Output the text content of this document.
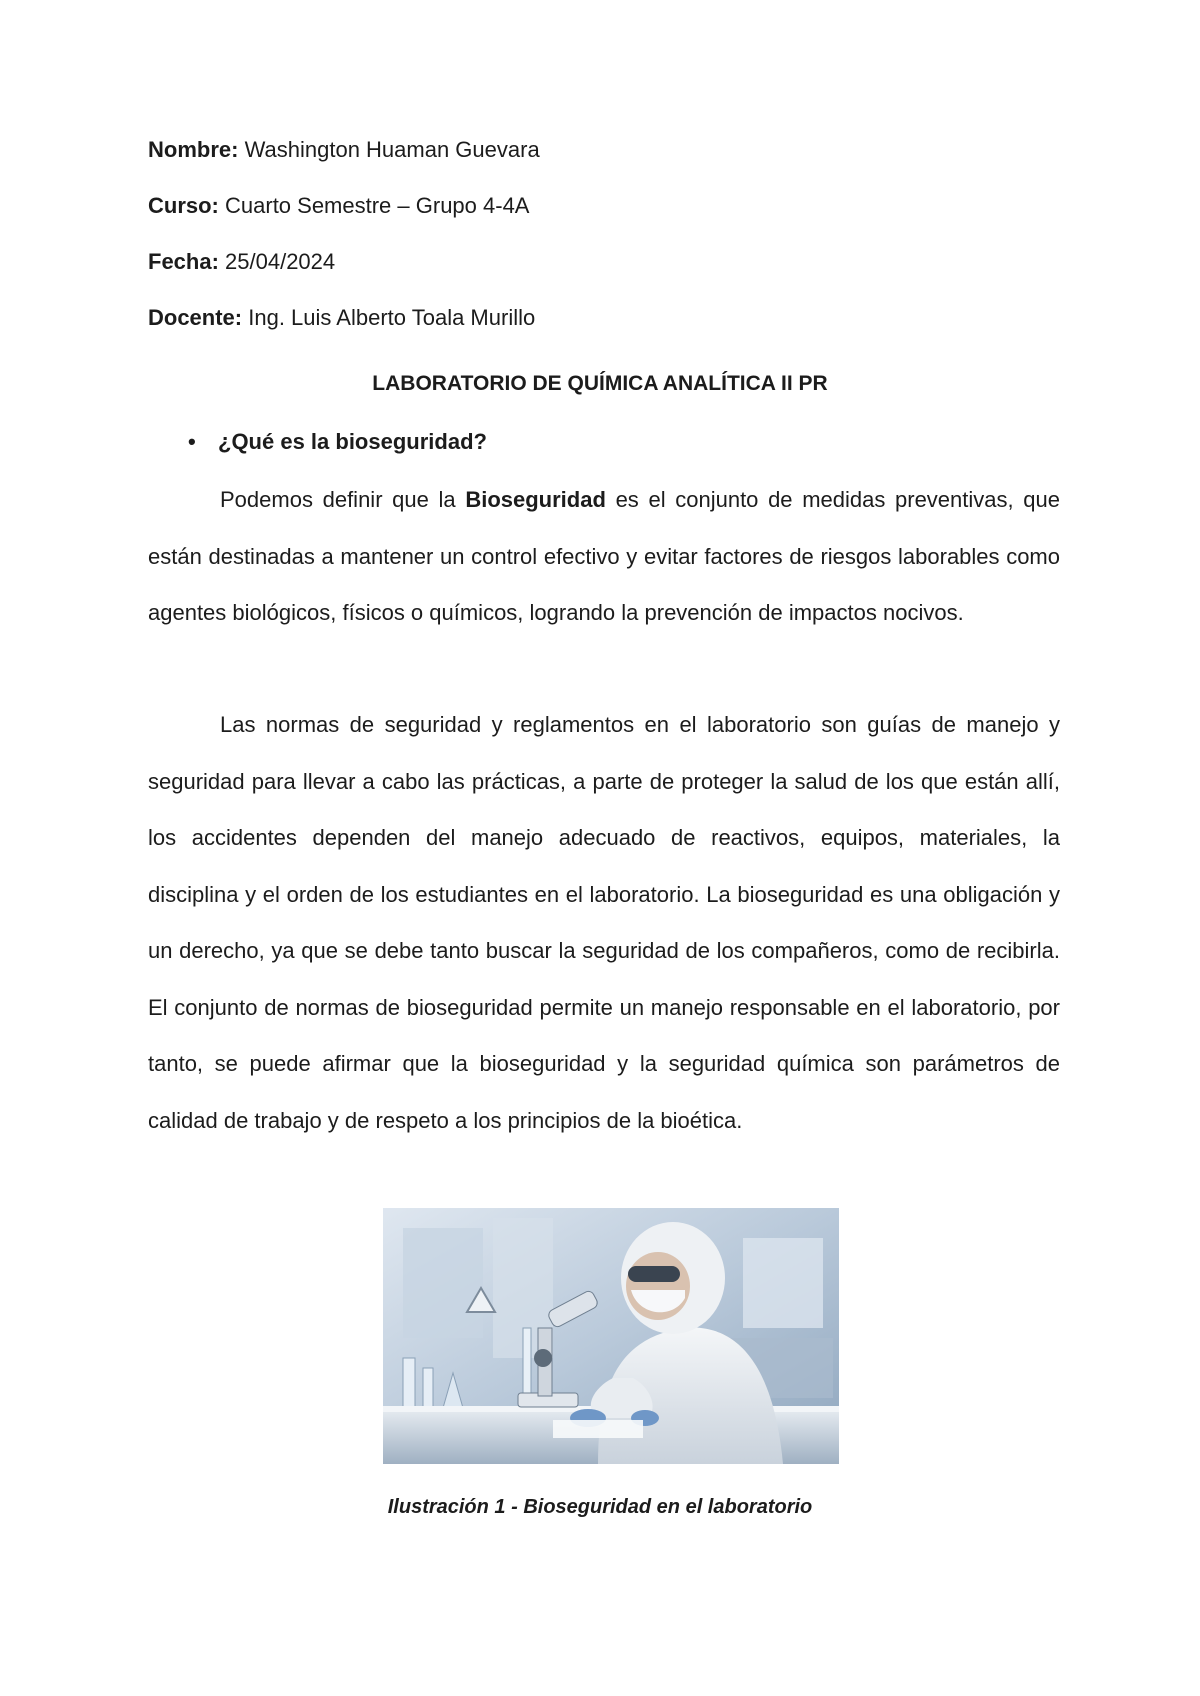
Nombre: Washington Huaman Guevara
Curso: Cuarto Semestre – Grupo 4-4A
Fecha: 25/04/2024
Docente: Ing. Luis Alberto Toala Murillo
LABORATORIO DE QUÍMICA ANALÍTICA II PR
• ¿Qué es la bioseguridad?

Podemos definir que la Bioseguridad es el conjunto de medidas preventivas, que están destinadas a mantener un control efectivo y evitar factores de riesgos laborables como agentes biológicos, físicos o químicos, logrando la prevención de impactos nocivos.

Las normas de seguridad y reglamentos en el laboratorio son guías de manejo y seguridad para llevar a cabo las prácticas, a parte de proteger la salud de los que están allí, los accidentes dependen del manejo adecuado de reactivos, equipos, materiales, la disciplina y el orden de los estudiantes en el laboratorio. La bioseguridad es una obligación y un derecho, ya que se debe tanto buscar la seguridad de los compañeros, como de recibirla. El conjunto de normas de bioseguridad permite un manejo responsable en el laboratorio, por tanto, se puede afirmar que la bioseguridad y la seguridad química son parámetros de calidad de trabajo y de respeto a los principios de la bioética.

Ilustración 1 - Bioseguridad en el laboratorio
